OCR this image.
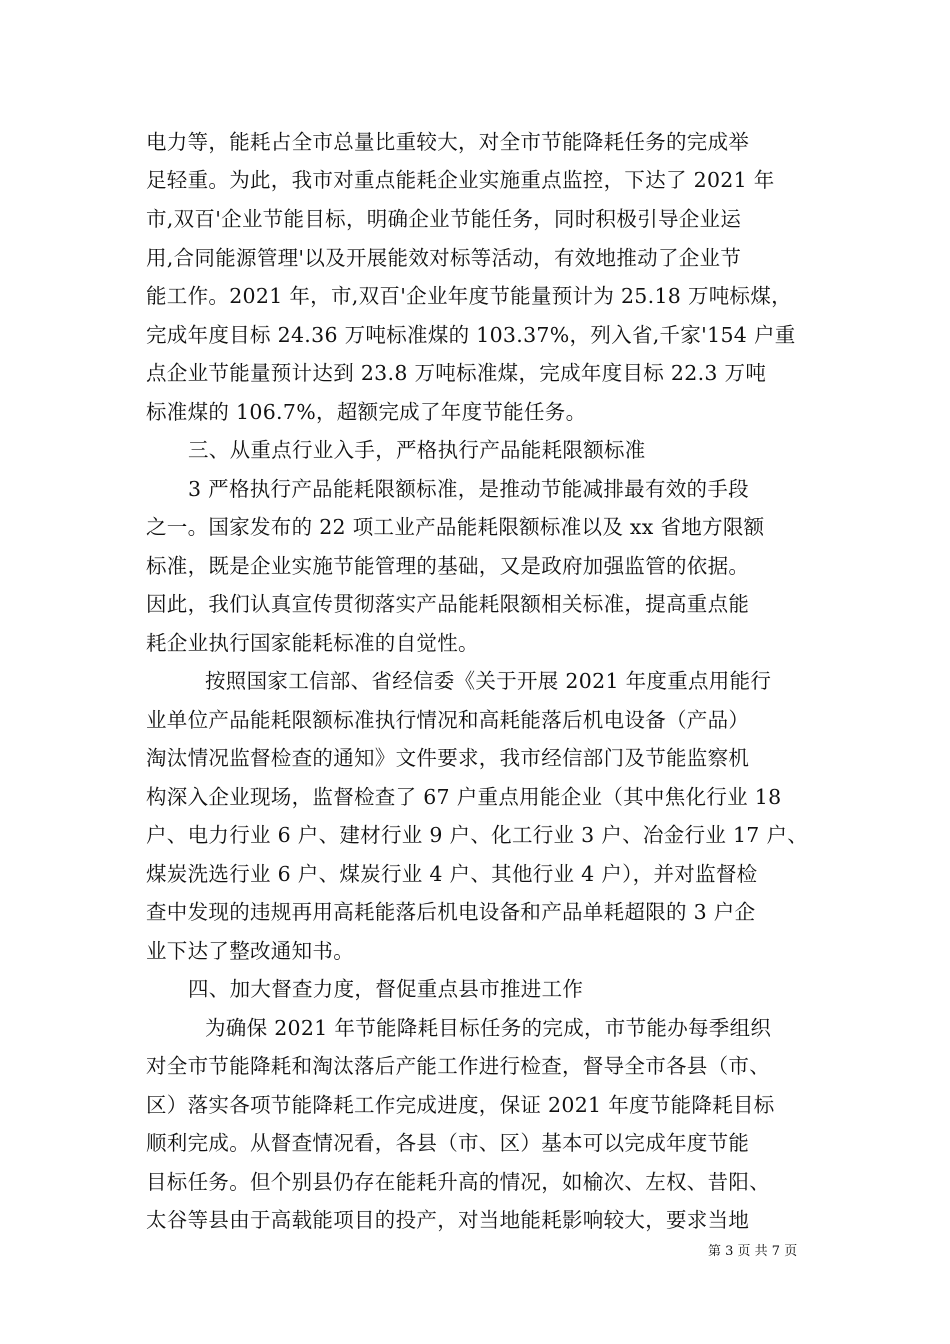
电力等，能耗占全市总量比重较大，对全市节能降耗任务的完成举
足轻重。为此，我市对重点能耗企业实施重点监控，下达了 2021 年
市,双百'企业节能目标，明确企业节能任务，同时积极引导企业运
用,合同能源管理'以及开展能效对标等活动，有效地推动了企业节
能工作。2021 年，市,双百'企业年度节能量预计为 25.18 万吨标煤，
完成年度目标 24.36 万吨标准煤的 103.37%，列入省,千家'154 户重
点企业节能量预计达到 23.8 万吨标准煤，完成年度目标 22.3 万吨
标准煤的 106.7%，超额完成了年度节能任务。
三、从重点行业入手，严格执行产品能耗限额标准
3 严格执行产品能耗限额标准，是推动节能减排最有效的手段
之一。国家发布的 22 项工业产品能耗限额标准以及 xx 省地方限额
标准，既是企业实施节能管理的基础，又是政府加强监管的依据。
因此，我们认真宣传贯彻落实产品能耗限额相关标准，提高重点能
耗企业执行国家能耗标准的自觉性。
按照国家工信部、省经信委《关于开展 2021 年度重点用能行
业单位产品能耗限额标准执行情况和高耗能落后机电设备（产品）
淘汰情况监督检查的通知》文件要求，我市经信部门及节能监察机
构深入企业现场，监督检查了 67 户重点用能企业（其中焦化行业 18
户、电力行业 6 户、建材行业 9 户、化工行业 3 户、冶金行业 17 户、
煤炭洗选行业 6 户、煤炭行业 4 户、其他行业 4 户），并对监督检
查中发现的违规再用高耗能落后机电设备和产品单耗超限的 3 户企
业下达了整改通知书。
四、加大督查力度，督促重点县市推进工作
为确保 2021 年节能降耗目标任务的完成，市节能办每季组织
对全市节能降耗和淘汰落后产能工作进行检查，督导全市各县（市、
区）落实各项节能降耗工作完成进度，保证 2021 年度节能降耗目标
顺利完成。从督查情况看，各县（市、区）基本可以完成年度节能
目标任务。但个别县仍存在能耗升高的情况，如榆次、左权、昔阳、
太谷等县由于高载能项目的投产，对当地能耗影响较大，要求当地
第 3 页 共 7 页
